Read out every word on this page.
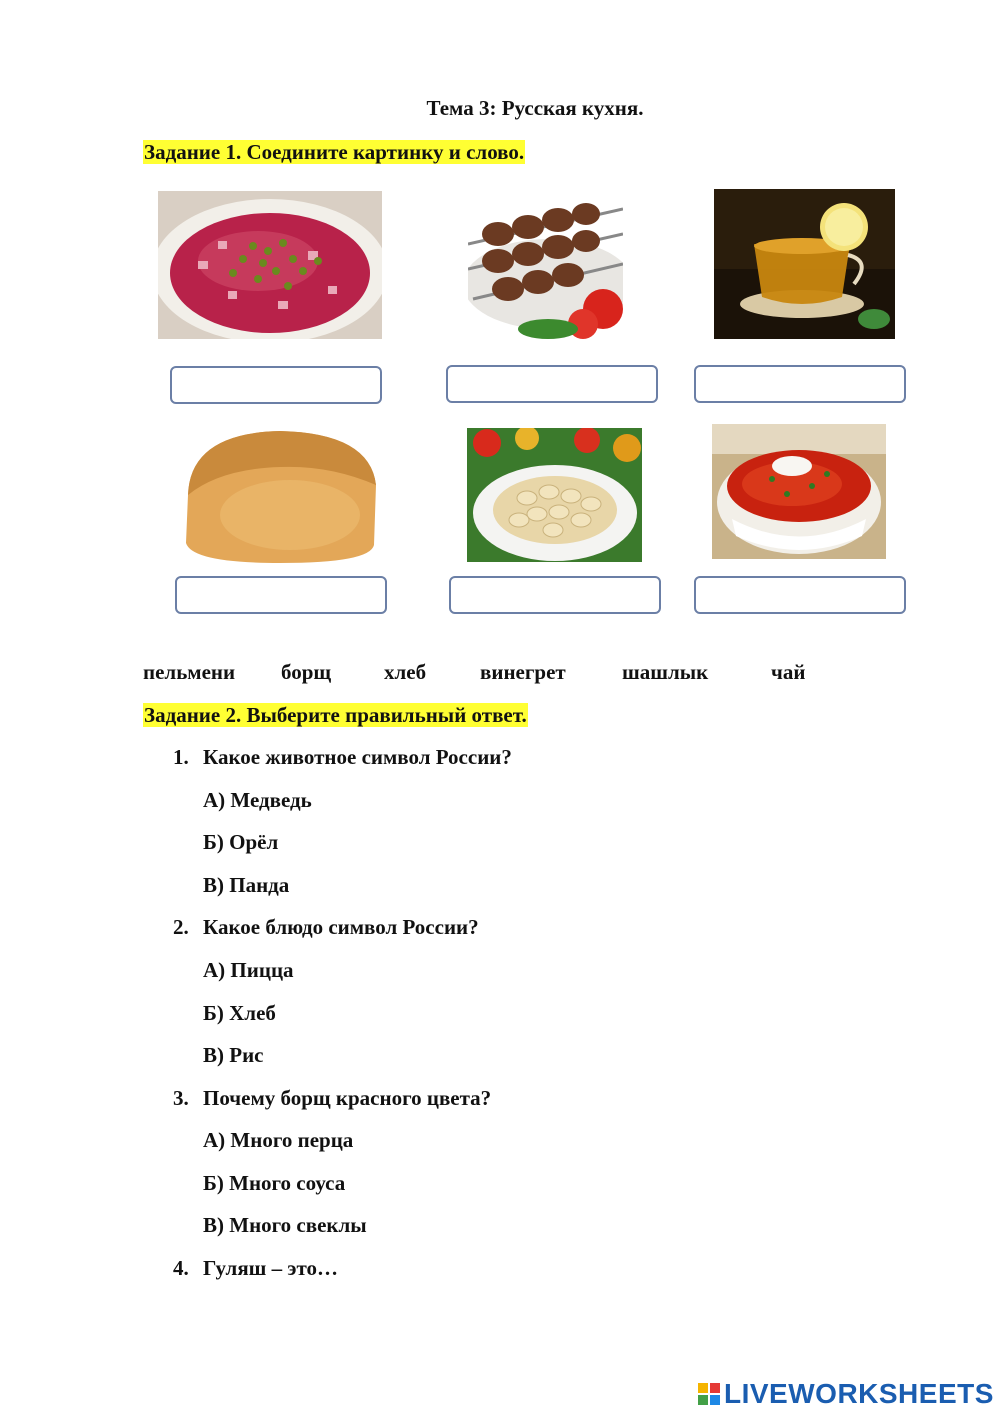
Тема 3: Русская кухня.
Задание 1. Соедините картинку и слово.
пельмени борщ	хлеб	винегрет	шашлык	чай
Задание 2. Выберите правильный ответ.
1. Какое животное символ России?
А) Медведь
Б) Орёл
В) Панда
2. Какое блюдо символ России?
А) Пицца
Б) Хлеб
В) Рис
3. Почему борщ красного цвета?
А) Много перца
Б) Много соуса
В) Много свеклы
4. Гуляш – это…
LIVEWORKSHEETS
